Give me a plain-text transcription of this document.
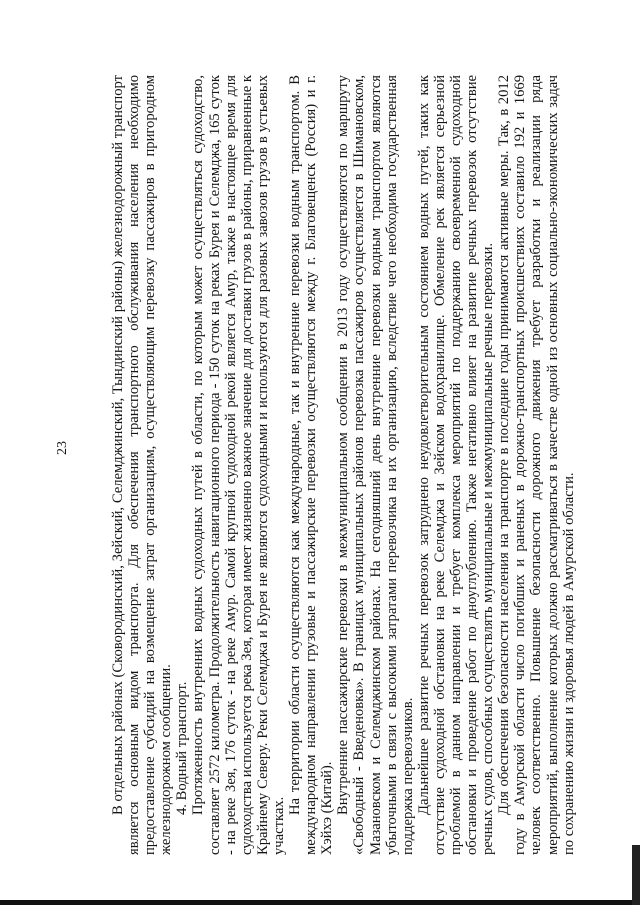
23	В отдельных районах (Сковородинский, Зейский, Селемджинский, Тындинский районы) железнодорожный транспорт является основным видом транспорта. Для обеспечения транспортного обслуживания населения необходимо предоставление субсидий на возмещение затрат организациям, осуществляющим перевозку пассажиров в пригородном железнодорожном сообщении. 4. Водный транспорт. Протяженность внутренних водных судоходных путей в области, по которым может осуществляться судоходство, составляет 2572 километра. Продолжительность навигационного периода - 150 суток на реках Бурея и Селемджа, 165 суток - на реке Зея, 176 суток - на реке Амур. Самой крупной судоходной рекой является Амур, также в настоящее время для судоходства используется река Зея, которая имеет жизненно важное значение для доставки грузов в районы, приравненные к Крайнему Северу. Реки Селемджа и Бурея не являются судоходными и используются для разовых завозов грузов в устьевых участках.

На территории области осуществляются как международные, так и внутренние перевозки водным транспортом. В международном направлении грузовые и пассажирские перевозки осуществляются между г. Благовещенск (Россия) и г. Хэйхэ (Китай). Внутренние пассажирские перевозки в межмуниципальном сообщении в 2013 году осуществляются по маршруту «Свободный - Введеновка». В границах муниципальных районов перевозка пассажиров осуществляется в Шимановском, Мазановском и Селемджинском районах. На сегодняшний день внутренние перевозки водным транспортом являются убыточными в связи с высокими затратами перевозчика на их организацию, вследствие чего необходима государственная поддержка перевозчиков. Дальнейшее развитие речных перевозок затруднено неудовлетворительным состоянием водных путей, таких как отсутствие судоходной обстановки на реке Селемджа и Зейском водохранилище. Обмеление рек является серьезной проблемой в данном направлении и требует комплекса мероприятий по поддержанию своевременной судоходной обстановки и проведение работ по дноуглублению. Также негативно влияет на развитие речных перевозок отсутствие речных судов, способных осуществлять муниципальные и межмуниципальные речные перевозки. Для обеспечения безопасности населения на транспорте в последние годы принимаются активные меры. Так, в 2012 году в Амурской области число погибших и раненых в дорожно-транспортных происшествиях составило 192 и 1669 человек соответственно. Повышение безопасности дорожного движения требует разработки и реализации ряда мероприятий, выполнение которых должно рассматриваться в качестве одной из основных социально-экономических задач по сохранению жизни и здоровья людей в Амурской области.
